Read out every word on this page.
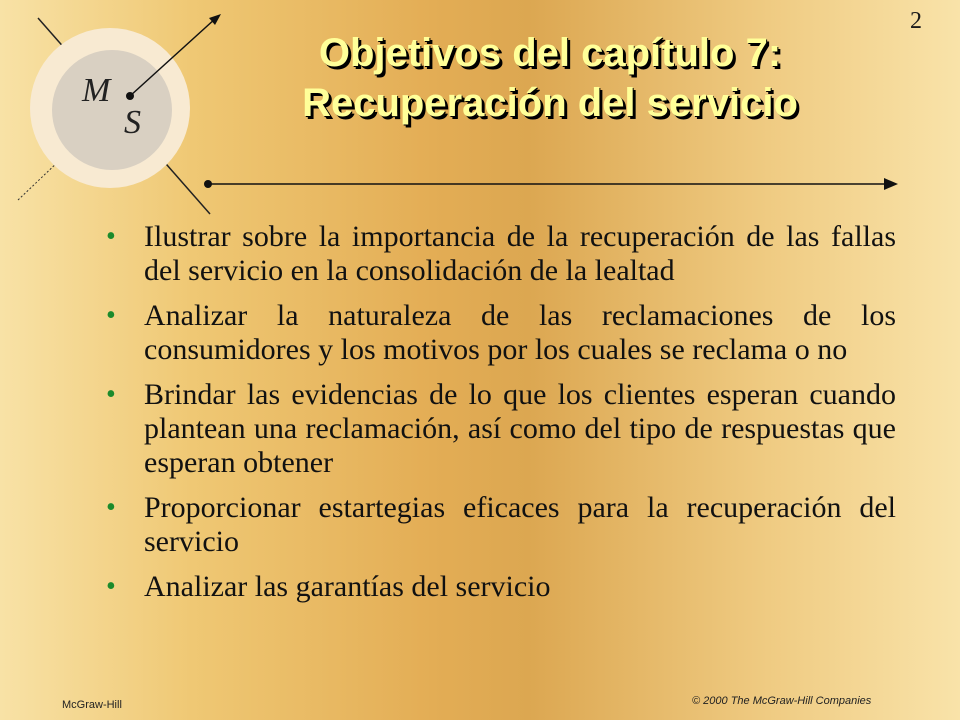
M
S
2
Objetivos del capítulo 7:
Recuperación del servicio
• Ilustrar sobre la importancia de la recuperación de las fallas del servicio en la consolidación de la lealtad
• Analizar la naturaleza de las reclamaciones de los consumidores y los motivos por los cuales se reclama o no
• Brindar las evidencias de lo que los clientes esperan cuando plantean una reclamación, así como del tipo de respuestas que esperan obtener
• Proporcionar estartegias eficaces para la recuperación del servicio
• Analizar las garantías del servicio
McGraw-Hill	© 2000 The McGraw-Hill Companies
